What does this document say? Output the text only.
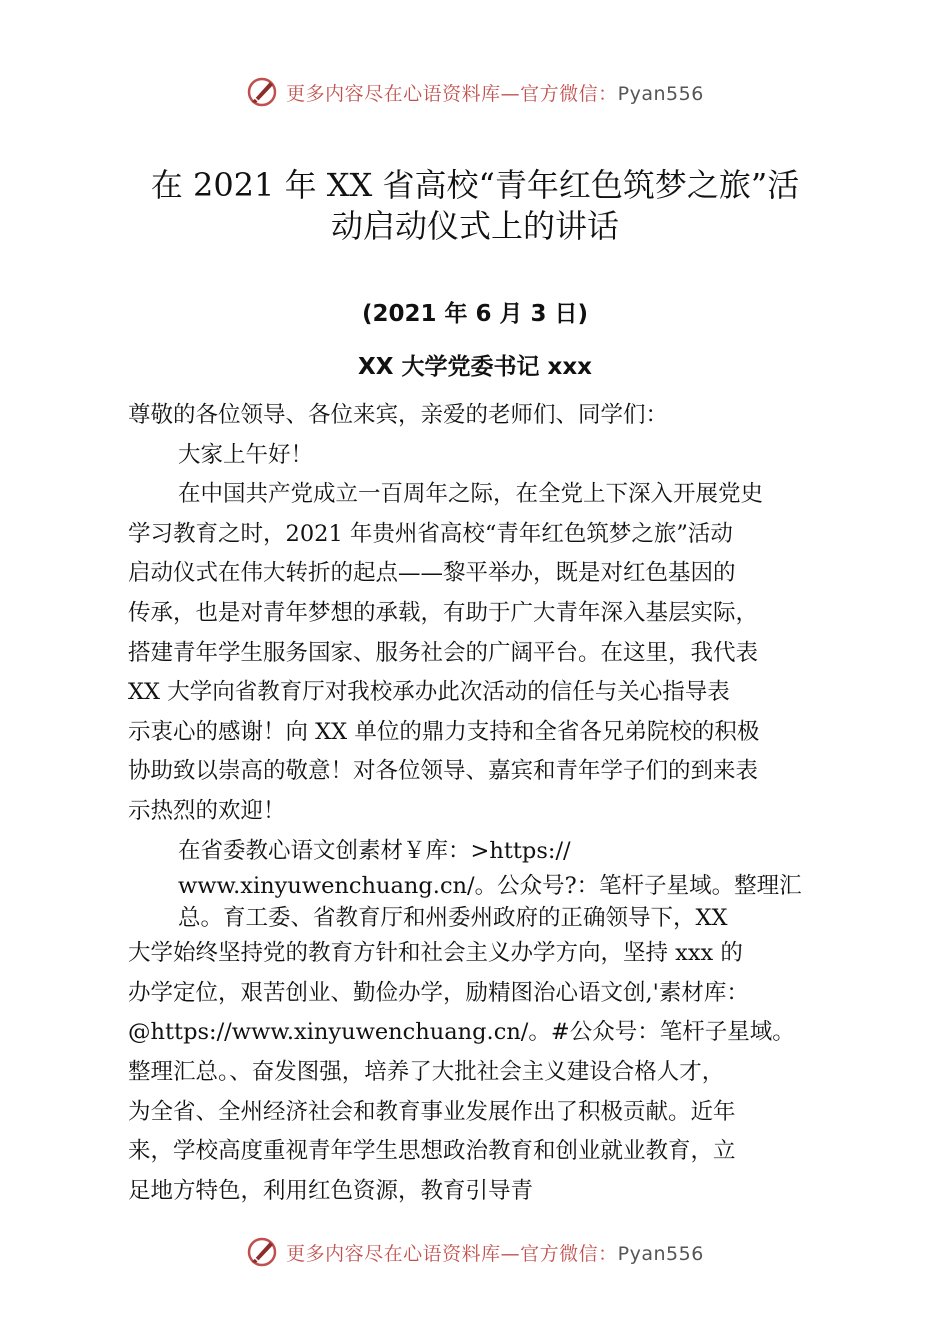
更多内容尽在心语资料库—官方微信：Pyan556
在 2021 年 XX 省高校“青年红色筑梦之旅”活
动启动仪式上的讲话
(2021 年 6 月 3 日)
XX 大学党委书记 xxx
尊敬的各位领导、各位来宾，亲爱的老师们、同学们：
大家上午好！
在中国共产党成立一百周年之际，在全党上下深入开展党史
学习教育之时，2021 年贵州省高校“青年红色筑梦之旅”活动
启动仪式在伟大转折的起点——黎平举办，既是对红色基因的
传承，也是对青年梦想的承载，有助于广大青年深入基层实际，
搭建青年学生服务国家、服务社会的广阔平台。在这里，我代表
XX 大学向省教育厅对我校承办此次活动的信任与关心指导表
示衷心的感谢！向 XX 单位的鼎力支持和全省各兄弟院校的积极
协助致以崇高的敬意！对各位领导、嘉宾和青年学子们的到来表
示热烈的欢迎！
在省委教心语文创素材￥库：>https://
www.xinyuwenchuang.cn/。公众号?：笔杆子星域。整理汇
总。育工委、省教育厅和州委州政府的正确领导下，XX
大学始终坚持党的教育方针和社会主义办学方向，坚持 xxx 的
办学定位，艰苦创业、勤俭办学，励精图治心语文创,'素材库：
@https://www.xinyuwenchuang.cn/。#公众号：笔杆子星域。
整理汇总。、奋发图强，培养了大批社会主义建设合格人才，
为全省、全州经济社会和教育事业发展作出了积极贡献。近年
来，学校高度重视青年学生思想政治教育和创业就业教育，立
足地方特色，利用红色资源，教育引导青
更多内容尽在心语资料库—官方微信：Pyan556
